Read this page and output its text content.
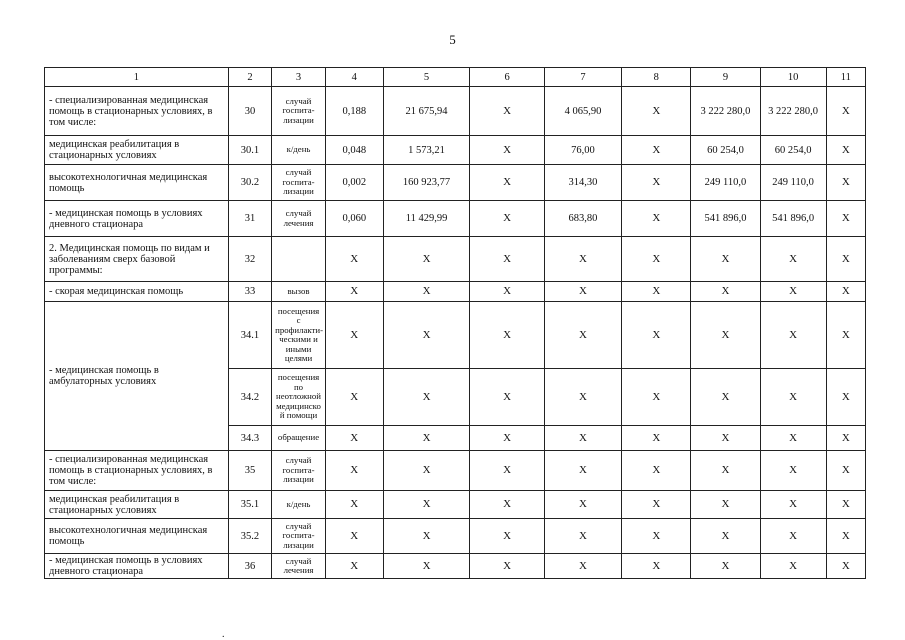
5
1	2	3	4	5	6	7	8	9	10	11
- специализированная медицинская помощь в стационарных условиях, в том числе:	30	случай госпита-лизации	0,188	21 675,94	X	4 065,90	X	3 222 280,0	3 222 280,0	X
медицинская реабилитация в стационарных условиях	30.1	к/день	0,048	1 573,21	X	76,00	X	60 254,0	60 254,0	X
высокотехнологичная медицинская помощь	30.2	случай госпита-лизации	0,002	160 923,77	X	314,30	X	249 110,0	249 110,0	X
- медицинская помощь в условиях дневного стационара	31	случай лечения	0,060	11 429,99	X	683,80	X	541 896,0	541 896,0	X
2. Медицинская помощь по видам и заболеваниям сверх базовой программы:	32		X	X	X	X	X	X	X	X
- скорая медицинская помощь	33	вызов	X	X	X	X	X	X	X	X
- медицинская помощь в амбулаторных условиях	34.1	посещения с профилакти-ческими и иными целями	X	X	X	X	X	X	X	X
	34.2	посещения по неотложной медицинско й помощи	X	X	X	X	X	X	X	X
	34.3	обращение	X	X	X	X	X	X	X	X
- специализированная медицинская помощь в стационарных условиях, в том числе:	35	случай госпита-лизации	X	X	X	X	X	X	X	X
медицинская реабилитация в стационарных условиях	35.1	к/день	X	X	X	X	X	X	X	X
высокотехнологичная медицинская помощь	35.2	случай госпита-лизации	X	X	X	X	X	X	X	X
- медицинская помощь в условиях дневного стационара	36	случай лечения	X	X	X	X	X	X	X	X
.
